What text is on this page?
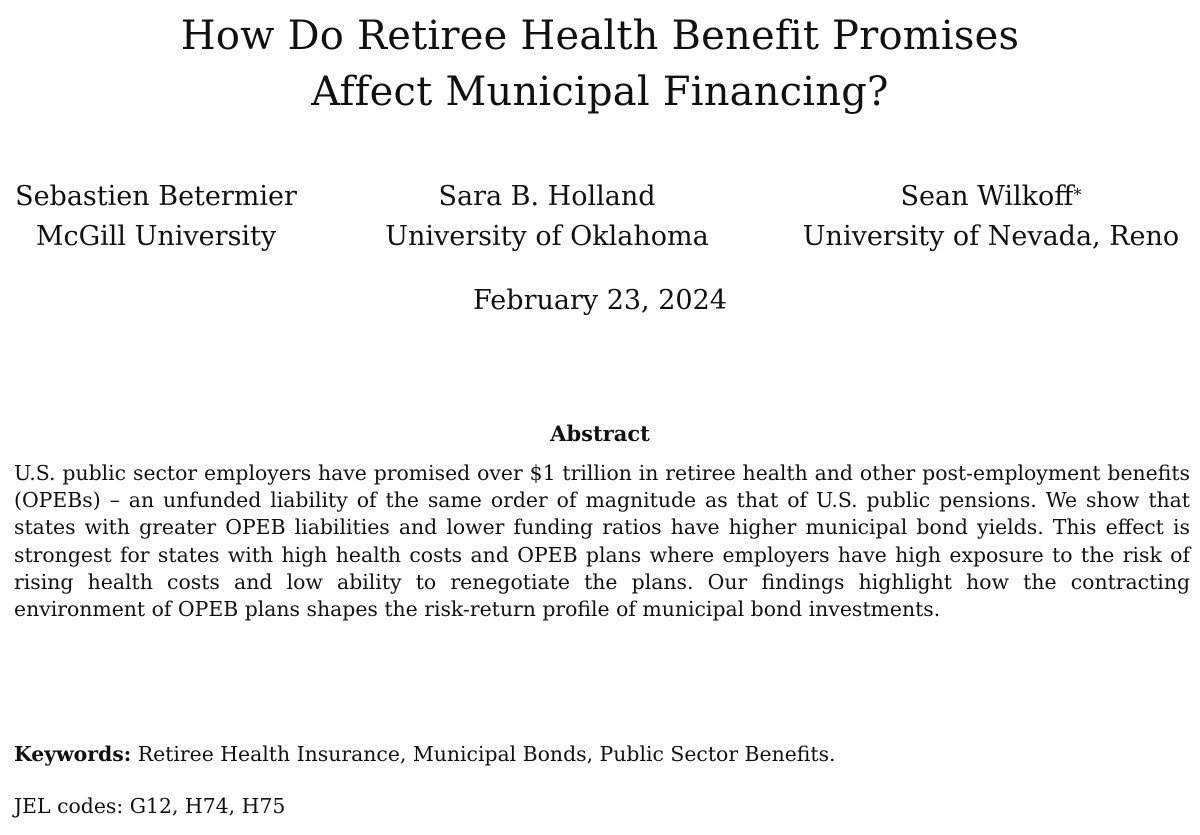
How Do Retiree Health Benefit Promises
Affect Municipal Financing?
Sebastien Betermier
McGill University
Sara B. Holland
University of Oklahoma
Sean Wilkoff*
University of Nevada, Reno
February 23, 2024
Abstract

U.S. public sector employers have promised over $1 trillion in retiree health and other post-employment benefits (OPEBs) – an unfunded liability of the same order of magnitude as that of U.S. public pensions. We show that states with greater OPEB liabilities and lower funding ratios have higher municipal bond yields. This effect is strongest for states with high health costs and OPEB plans where employers have high exposure to the risk of rising health costs and low ability to renegotiate the plans. Our findings highlight how the contracting environment of OPEB plans shapes the risk-return profile of municipal bond investments.

Keywords: Retiree Health Insurance, Municipal Bonds, Public Sector Benefits.

JEL codes: G12, H74, H75
